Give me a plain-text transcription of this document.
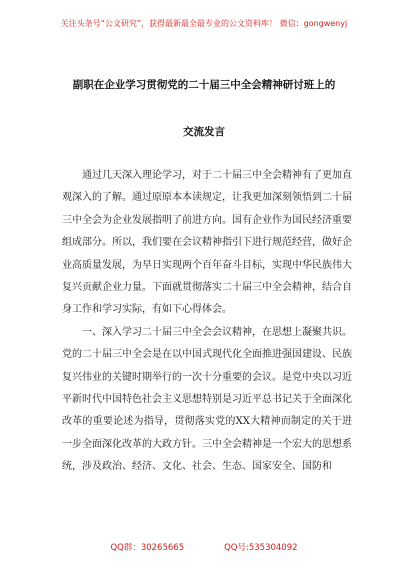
关注头条号“公文研究”，获得最新最全最专业的公文资料库！ 微信：gongwenyj
副职在企业学习贯彻党的二十届三中全会精神研讨班上的
交流发言

通过几天深入理论学习，对于二十届三中全会精神有了更加直观深入的了解。通过原原本本读规定，让我更加深刻领悟到二十届三中全会为企业发展指明了前进方向。国有企业作为国民经济重要组成部分。所以，我们要在会议精神指引下进行规范经营，做好企业高质量发展，为早日实现两个百年奋斗目标，实现中华民族伟大复兴贡献企业力量。下面就贯彻落实二十届三中全会精神，结合自身工作和学习实际，有如下心得体会。

一、深入学习二十届三中全会会议精神，在思想上凝聚共识。党的二十届三中全会是在以中国式现代化全面推进强国建设、民族复兴伟业的关键时期举行的一次十分重要的会议。是党中央以习近平新时代中国特色社会主义思想特别是习近平总书记关于全面深化改革的重要论述为指导，贯彻落实党的XX大精神而制定的关于进一步全面深化改革的大政方针。三中全会精神是一个宏大的思想系统，涉及政治、经济、文化、社会、生态、国家安全、国防和

QQ群：30265665	QQ号:535304092
